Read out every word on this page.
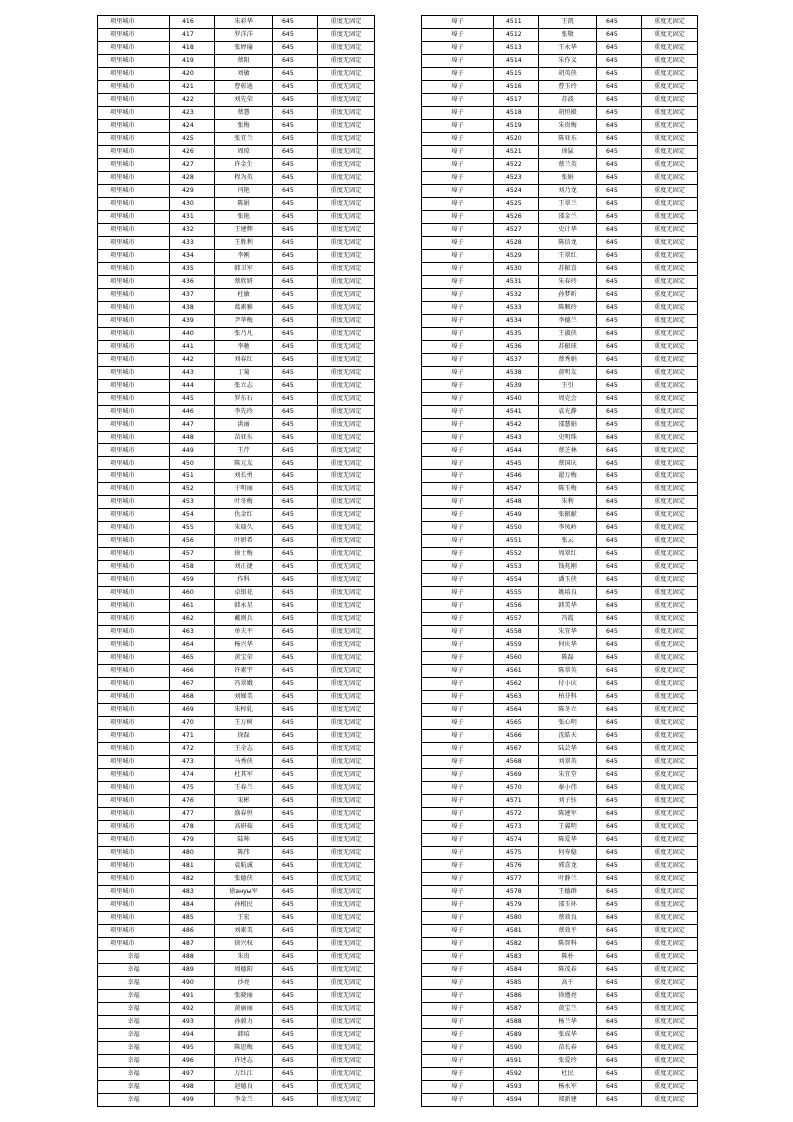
项里城市	416	朱彩华	645	重度无固定
项里城市	417	罗洋洋	645	重度无固定
项里城市	418	张婷瑜	645	重度无固定
项里城市	419	蔡阳	645	重度无固定
项里城市	420	刘敏	645	重度无固定
项里城市	421	曹彰迪	645	重度无固定
项里城市	422	刘先荣	645	重度无固定
项里城市	423	蔡慧	645	重度无固定
项里城市	424	张梅	645	重度无固定
项里城市	425	张宜兰	645	重度无固定
项里城市	426	周琼	645	重度无固定
项里城市	427	许金生	645	重度无固定
项里城市	428	程为英	645	重度无固定
项里城市	429	闫艳	645	重度无固定
项里城市	430	陈娟	645	重度无固定
项里城市	431	张艳	645	重度无固定
项里城市	432	王建辉	645	重度无固定
项里城市	433	王胜利	645	重度无固定
项里城市	434	李刚	645	重度无固定
项里城市	435	韩卫军	645	重度无固定
项里城市	436	蔡欣妍	645	重度无固定
项里城市	437	杜敏	645	重度无固定
项里城市	438	葛素雅	645	重度无固定
项里城市	439	尹华梅	645	重度无固定
项里城市	440	张乃凡	645	重度无固定
项里城市	441	李驰	645	重度无固定
项里城市	442	刘春红	645	重度无固定
项里城市	443	丁菊	645	重度无固定
项里城市	444	张立志	645	重度无固定
项里城市	445	罗东石	645	重度无固定
项里城市	446	李先玲	645	重度无固定
项里城市	447	洪丽	645	重度无固定
项里城市	448	苗亚东	645	重度无固定
项里城市	449	王芹	645	重度无固定
项里城市	450	陈元友	645	重度无固定
项里城市	451	刘长勇	645	重度无固定
项里城市	452	于明丽	645	重度无固定
项里城市	453	叶冬梅	645	重度无固定
项里城市	454	仇金红	645	重度无固定
项里城市	455	朱瑞久	645	重度无固定
项里城市	456	叶妍希	645	重度无固定
项里城市	457	徐士梅	645	重度无固定
项里城市	458	刘正捷	645	重度无固定
项里城市	459	作科	645	重度无固定
项里城市	460	卓银花	645	重度无固定
项里城市	461	韩永星	645	重度无固定
项里城市	462	戴则兵	645	重度无固定
项里城市	463	单夫平	645	重度无固定
项里城市	464	杨兴华	645	重度无固定
项里城市	465	黄宝荣	645	重度无固定
项里城市	466	许素宇	645	重度无固定
项里城市	467	冯翠娥	645	重度无固定
项里城市	468	刘娣美	645	重度无固定
项里城市	469	朱梓轧	645	重度无固定
项里城市	470	王万树	645	重度无固定
项里城市	471	徐磊	645	重度无固定
项里城市	472	王全志	645	重度无固定
项里城市	473	马秀侠	645	重度无固定
项里城市	474	杜其军	645	重度无固定
项里城市	475	王春兰	645	重度无固定
项里城市	476	宋彬	645	重度无固定
项里城市	477	盛春恒	645	重度无固定
项里城市	478	高研茹	645	重度无固定
项里城市	479	陆帅	645	重度无固定
项里城市	480	陈伟	645	重度无固定
项里城市	481	袁航诚	645	重度无固定
项里城市	482	张德侠	645	重度无固定
项里城市	483	徐ануы军	645	重度无固定
项里城市	484	孙根民	645	重度无固定
项里城市	485	王宏	645	重度无固定
项里城市	486	刘素美	645	重度无固定
项里城市	487	徐兴权	645	重度无固定
幸福	488	朱贵	645	重度无固定
幸福	489	周德阳	645	重度无固定
幸福	490	沙亮	645	重度无固定
幸福	491	张晓丽	645	重度无固定
幸福	492	黄丽丽	645	重度无固定
幸福	493	孙毅力	645	重度无固定
幸福	494	韩培	645	重度无固定
幸福	495	陈思梅	645	重度无固定
幸福	496	许述志	645	重度无固定
幸福	497	万红江	645	重度无固定
幸福	498	赵德良	645	重度无固定
幸福	499	李金兰	645	重度无固定
埠子	4511	王凯	645	重度无固定
埠子	4512	张敬	645	重度无固定
埠子	4513	王永华	645	重度无固定
埠子	4514	朱作义	645	重度无固定
埠子	4515	胡英侠	645	重度无固定
埠子	4516	曹玉玲	645	重度无固定
埠子	4517	苏波	645	重度无固定
埠子	4518	胡恒殿	645	重度无固定
埠子	4519	朱贵梅	645	重度无固定
埠子	4520	陈亚东	645	重度无固定
埠子	4521	徐猛	645	重度无固定
埠子	4522	蔡兰英	645	重度无固定
埠子	4523	张娟	645	重度无固定
埠子	4524	刘乃龙	645	重度无固定
埠子	4525	王翠兰	645	重度无固定
埠子	4526	邵金兰	645	重度无固定
埠子	4527	史计华	645	重度无固定
埠子	4528	陈信龙	645	重度无固定
埠子	4529	王翠红	645	重度无固定
埠子	4530	苏振喜	645	重度无固定
埠子	4531	朱春玲	645	重度无固定
埠子	4532	孙梦昕	645	重度无固定
埠子	4533	陈顺玲	645	重度无固定
埠子	4534	李德兰	645	重度无固定
埠子	4535	王淑侠	645	重度无固定
埠子	4536	苏振球	645	重度无固定
埠子	4537	蔡秀娟	645	重度无固定
埠子	4538	黄明友	645	重度无固定
埠子	4539	王引	645	重度无固定
埠子	4540	周克会	645	重度无固定
埠子	4541	袁光静	645	重度无固定
埠子	4542	邵慧娟	645	重度无固定
埠子	4543	史明珠	645	重度无固定
埠子	4544	蔡芝林	645	重度无固定
埠子	4545	蔡国庆	645	重度无固定
埠子	4546	翟万梅	645	重度无固定
埠子	4547	陈玉梅	645	重度无固定
埠子	4548	朱利	645	重度无固定
埠子	4549	张振献	645	重度无固定
埠子	4550	李凤岭	645	重度无固定
埠子	4551	张云	645	重度无固定
埠子	4552	周翠红	645	重度无固定
埠子	4553	钱兆刚	645	重度无固定
埠子	4554	潘玉侠	645	重度无固定
埠子	4555	姚培良	645	重度无固定
埠子	4556	韩美华	645	重度无固定
埠子	4557	冯霞	645	重度无固定
埠子	4558	朱宜华	645	重度无固定
埠子	4559	何庆华	645	重度无固定
埠子	4560	陈磊	645	重度无固定
埠子	4561	陈翠英	645	重度无固定
埠子	4562	付小庆	645	重度无固定
埠子	4563	柏芬科	645	重度无固定
埠子	4564	陈冬立	645	重度无固定
埠子	4565	张心明	645	重度无固定
埠子	4566	沈皓天	645	重度无固定
埠子	4567	陆芸华	645	重度无固定
埠子	4568	刘翠英	645	重度无固定
埠子	4569	朱宜堂	645	重度无固定
埠子	4570	秦小伟	645	重度无固定
埠子	4571	刘子钰	645	重度无固定
埠子	4572	陈建军	645	重度无固定
埠子	4573	王翼明	645	重度无固定
埠子	4574	陈爱华	645	重度无固定
埠子	4575	何寿稳	645	重度无固定
埠子	4576	郭喜龙	645	重度无固定
埠子	4577	叶静兰	645	重度无固定
埠子	4578	王德群	645	重度无固定
埠子	4579	邵玉环	645	重度无固定
埠子	4580	蔡效良	645	重度无固定
埠子	4581	蔡效平	645	重度无固定
埠子	4582	陈智科	645	重度无固定
埠子	4583	陈朴	645	重度无固定
埠子	4584	陈茂春	645	重度无固定
埠子	4585	高千	645	重度无固定
埠子	4586	徐遵亮	645	重度无固定
埠子	4587	黄宝兰	645	重度无固定
埠子	4588	杨兰华	645	重度无固定
埠子	4589	张成华	645	重度无固定
埠子	4590	苗长春	645	重度无固定
埠子	4591	张爱玲	645	重度无固定
埠子	4592	杜民	645	重度无固定
埠子	4593	杨永军	645	重度无固定
埠子	4594	郑新建	645	重度无固定
